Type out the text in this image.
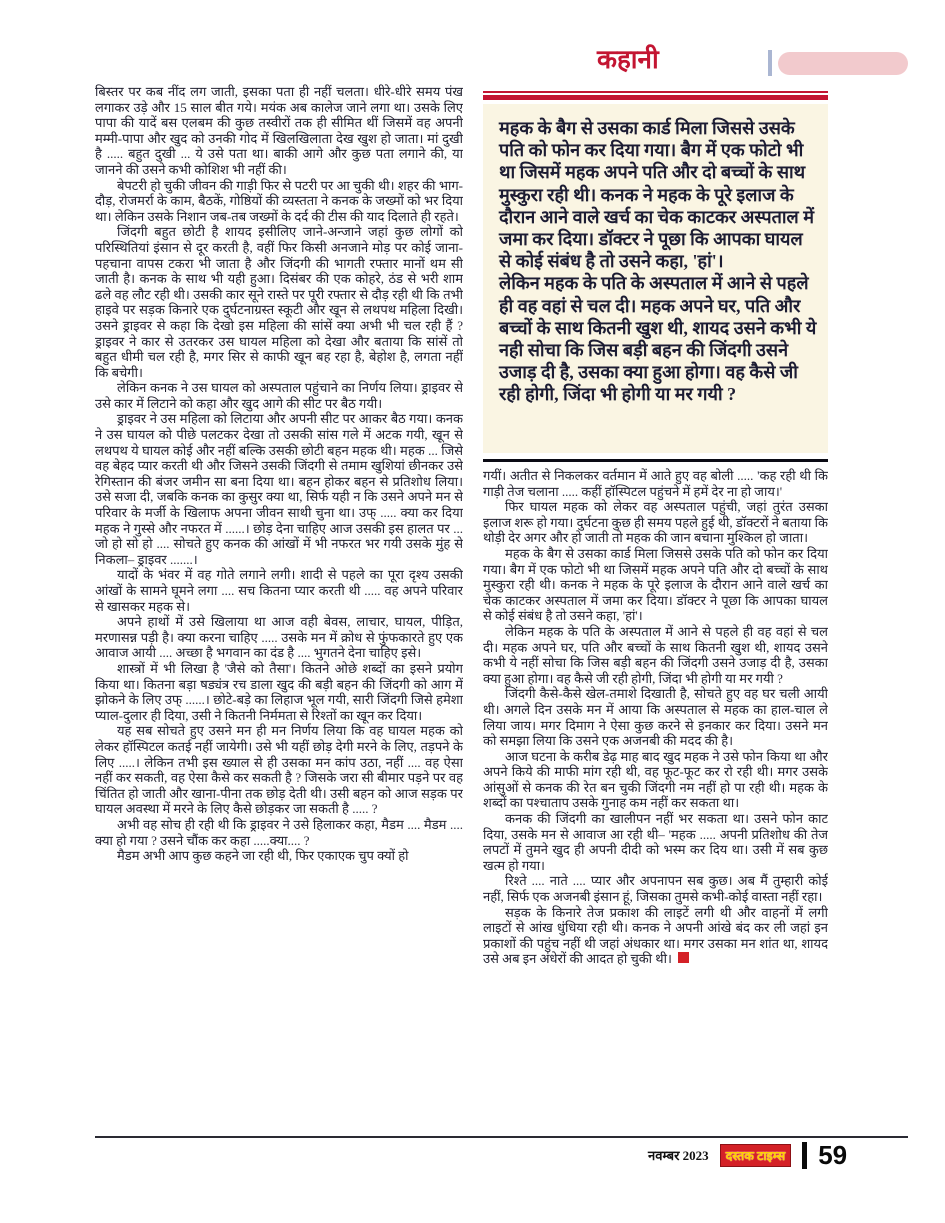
कहानी

महक के बैग से उसका कार्ड मिला जिससे उसके पति को फोन कर दिया गया। बैग में एक फोटो भी था जिसमें महक अपने पति और दो बच्चों के साथ मुस्कुरा रही थी। कनक ने महक के पूरे इलाज के दौरान आने वाले खर्च का चेक काटकर अस्पताल में जमा कर दिया। डॉक्टर ने पूछा कि आपका घायल से कोई संबंध है तो उसने कहा, 'हां'।

लेकिन महक के पति के अस्पताल में आने से पहले ही वह वहां से चल दी। महक अपने घर, पति और बच्चों के साथ कितनी खुश थी, शायद उसने कभी ये नही सोचा कि जिस बड़ी बहन की जिंदगी उसने उजाड़ दी है, उसका क्या हुआ होगा। वह कैसे जी रही होगी, जिंदा भी होगी या मर गयी ?

बिस्तर पर कब नींद लग जाती, इसका पता ही नहीं चलता। धीरे-धीरे समय पंख लगाकर उड़े और 15 साल बीत गये। मयंक अब कालेज जाने लगा था। उसके लिए पापा की यादें बस एलबम की कुछ तस्वीरों तक ही सीमित थीं जिसमें वह अपनी मम्मी-पापा और खुद को उनकी गोद में खिलखिलाता देख खुश हो जाता। मां दुखी है ..... बहुत दुखी ... ये उसे पता था। बाकी आगे और कुछ पता लगाने की, या जानने की उसने कभी कोशिश भी नहीं की।

बेपटरी हो चुकी जीवन की गाड़ी फिर से पटरी पर आ चुकी थी। शहर की भाग-दौड़, रोजमर्रा के काम, बैठकें, गोष्ठियों की व्यस्तता ने कनक के जख्मों को भर दिया था। लेकिन उसके निशान जब-तब जख्मों के दर्द की टीस की याद दिलाते ही रहते।

जिंदगी बहुत छोटी है शायद इसीलिए जाने-अन्जाने जहां कुछ लोगों को परिस्थितियां इंसान से दूर करती है, वहीं फिर किसी अनजाने मोड़ पर कोई जाना-पहचाना वापस टकरा भी जाता है और जिंदगी की भागती रफ्तार मानों थम सी जाती है। कनक के साथ भी यही हुआ। दिसंबर की एक कोहरे, ठंड से भरी शाम ढले वह लौट रही थी। उसकी कार सूने रास्ते पर पूरी रफ्तार से दौड़ रही थी कि तभी हाइवे पर सड़क किनारे एक दुर्घटनाग्रस्त स्कूटी और खून से लथपथ महिला दिखी। उसने ड्राइवर से कहा कि देखो इस महिला की सांसें क्या अभी भी चल रही हैं ? ड्राइवर ने कार से उतरकर उस घायल महिला को देखा और बताया कि सांसें तो बहुत धीमी चल रही है, मगर सिर से काफी खून बह रहा है, बेहोश है, लगता नहीं कि बचेगी।

लेकिन कनक ने उस घायल को अस्पताल पहुंचाने का निर्णय लिया। ड्राइवर से उसे कार में लिटाने को कहा और खुद आगे की सीट पर बैठ गयी।

ड्राइवर ने उस महिला को लिटाया और अपनी सीट पर आकर बैठ गया। कनक ने उस घायल को पीछे पलटकर देखा तो उसकी सांस गले में अटक गयी, खून से लथपथ ये घायल कोई और नहीं बल्कि उसकी छोटी बहन महक थी। महक ... जिसे वह बेहद प्यार करती थी और जिसने उसकी जिंदगी से तमाम खुशियां छीनकर उसे रेगिस्तान की बंजर जमीन सा बना दिया था। बहन होकर बहन से प्रतिशोध लिया। उसे सजा दी, जबकि कनक का कुसुर क्या था, सिर्फ यही न कि उसने अपने मन से परिवार के मर्जी के खिलाफ अपना जीवन साथी चुना था। उफ् ..... क्या कर दिया महक ने गुस्से और नफरत में ......। छोड़ देना चाहिए आज उसकी इस हालत पर ... जो हो सो हो .... सोचते हुए कनक की आंखों में भी नफरत भर गयी उसके मुंह से निकला– ड्राइवर .......।

यादों के भंवर में वह गोते लगाने लगी। शादी से पहले का पूरा दृश्य उसकी आंखों के सामने घूमने लगा .... सच कितना प्यार करती थी ..... वह अपने परिवार से खासकर महक से।

अपने हाथों में उसे खिलाया था आज वही बेवस, लाचार, घायल, पीड़ित, मरणासन्न पड़ी है। क्या करना चाहिए ..... उसके मन में क्रोध से फुंफकारते हुए एक आवाज आयी .... अच्छा है भगवान का दंड है .... भुगतने देना चाहिए इसे।

शास्त्रों में भी लिखा है 'जैसे को तैसा'। कितने ओछे शब्दों का इसने प्रयोग किया था। कितना बड़ा षड्यंत्र रच डाला खुद की बड़ी बहन की जिंदगी को आग में झोकने के लिए उफ् ......। छोटे-बड़े का लिहाज भूल गयी, सारी जिंदगी जिसे हमेशा प्याल-दुलार ही दिया, उसी ने कितनी निर्ममता से रिश्तों का खून कर दिया।

यह सब सोचते हुए उसने मन ही मन निर्णय लिया कि वह घायल महक को लेकर हॉस्पिटल कतई नहीं जायेगी। उसे भी यहीं छोड़ देगी मरने के लिए, तड़पने के लिए .....। लेकिन तभी इस ख्याल से ही उसका मन कांप उठा, नहीं .... वह ऐसा नहीं कर सकती, वह ऐसा कैसे कर सकती है ? जिसके जरा सी बीमार पड़ने पर वह चिंतित हो जाती और खाना-पीना तक छोड़ देती थी। उसी बहन को आज सड़क पर घायल अवस्था में मरने के लिए कैसे छोड़कर जा सकती है ..... ?

अभी वह सोच ही रही थी कि ड्राइवर ने उसे हिलाकर कहा, मैडम .... मैडम .... क्या हो गया ? उसने चौंक कर कहा .....क्या.... ?

मैडम अभी आप कुछ कहने जा रही थी, फिर एकाएक चुप क्यों हो

गयीं। अतीत से निकलकर वर्तमान में आते हुए वह बोली ..... 'कह रही थी कि गाड़ी तेज चलाना ..... कहीं हॉस्पिटल पहुंचने में हमें देर ना हो जाय।'

फिर घायल महक को लेकर वह अस्पताल पहुंची, जहां तुरंत उसका इलाज शरू हो गया। दुर्घटना कुछ ही समय पहले हुई थी, डॉक्टरों ने बताया कि थोड़ी देर अगर और हो जाती तो महक की जान बचाना मुश्किल हो जाता।

महक के बैग से उसका कार्ड मिला जिससे उसके पति को फोन कर दिया गया। बैग में एक फोटो भी था जिसमें महक अपने पति और दो बच्चों के साथ मुस्कुरा रही थी। कनक ने महक के पूरे इलाज के दौरान आने वाले खर्च का चेक काटकर अस्पताल में जमा कर दिया। डॉक्टर ने पूछा कि आपका घायल से कोई संबंध है तो उसने कहा, 'हां'।

लेकिन महक के पति के अस्पताल में आने से पहले ही वह वहां से चल दी। महक अपने घर, पति और बच्चों के साथ कितनी खुश थी, शायद उसने कभी ये नहीं सोचा कि जिस बड़ी बहन की जिंदगी उसने उजाड़ दी है, उसका क्या हुआ होगा। वह कैसे जी रही होगी, जिंदा भी होगी या मर गयी ?

जिंदगी कैसे-कैसे खेल-तमाशे दिखाती है, सोचते हुए वह घर चली आयी थी। अगले दिन उसके मन में आया कि अस्पताल से महक का हाल-चाल ले लिया जाय। मगर दिमाग ने ऐसा कुछ करने से इनकार कर दिया। उसने मन को समझा लिया कि उसने एक अजनबी की मदद की है।

आज घटना के करीब डेढ़ माह बाद खुद महक ने उसे फोन किया था और अपने किये की माफी मांग रही थी, वह फूट-फूट कर रो रही थी। मगर उसके आंसुओं से कनक की रेत बन चुकी जिंदगी नम नहीं हो पा रही थी। महक के शब्दों का पश्चाताप उसके गुनाह कम नहीं कर सकता था।

कनक की जिंदगी का खालीपन नहीं भर सकता था। उसने फोन काट दिया, उसके मन से आवाज आ रही थी– 'महक ..... अपनी प्रतिशोध की तेज लपटों में तुमने खुद ही अपनी दीदी को भस्म कर दिय था। उसी में सब कुछ खत्म हो गया।

रिश्ते .... नाते .... प्यार और अपनापन सब कुछ। अब मैं तुम्हारी कोई नहीं, सिर्फ एक अजनबी इंसान हूं, जिसका तुमसे कभी-कोई वास्ता नहीं रहा।

सड़क के किनारे तेज प्रकाश की लाइटें लगी थी और वाहनों में लगी लाइटों से आंख धुंधिया रही थी। कनक ने अपनी आंखे बंद कर ली जहां इन प्रकाशों की पहुंच नहीं थी जहां अंधकार था। मगर उसका मन शांत था, शायद उसे अब इन अंधेरों की आदत हो चुकी थी।

नवम्बर 2023	दस्तक टाइम्स 59
